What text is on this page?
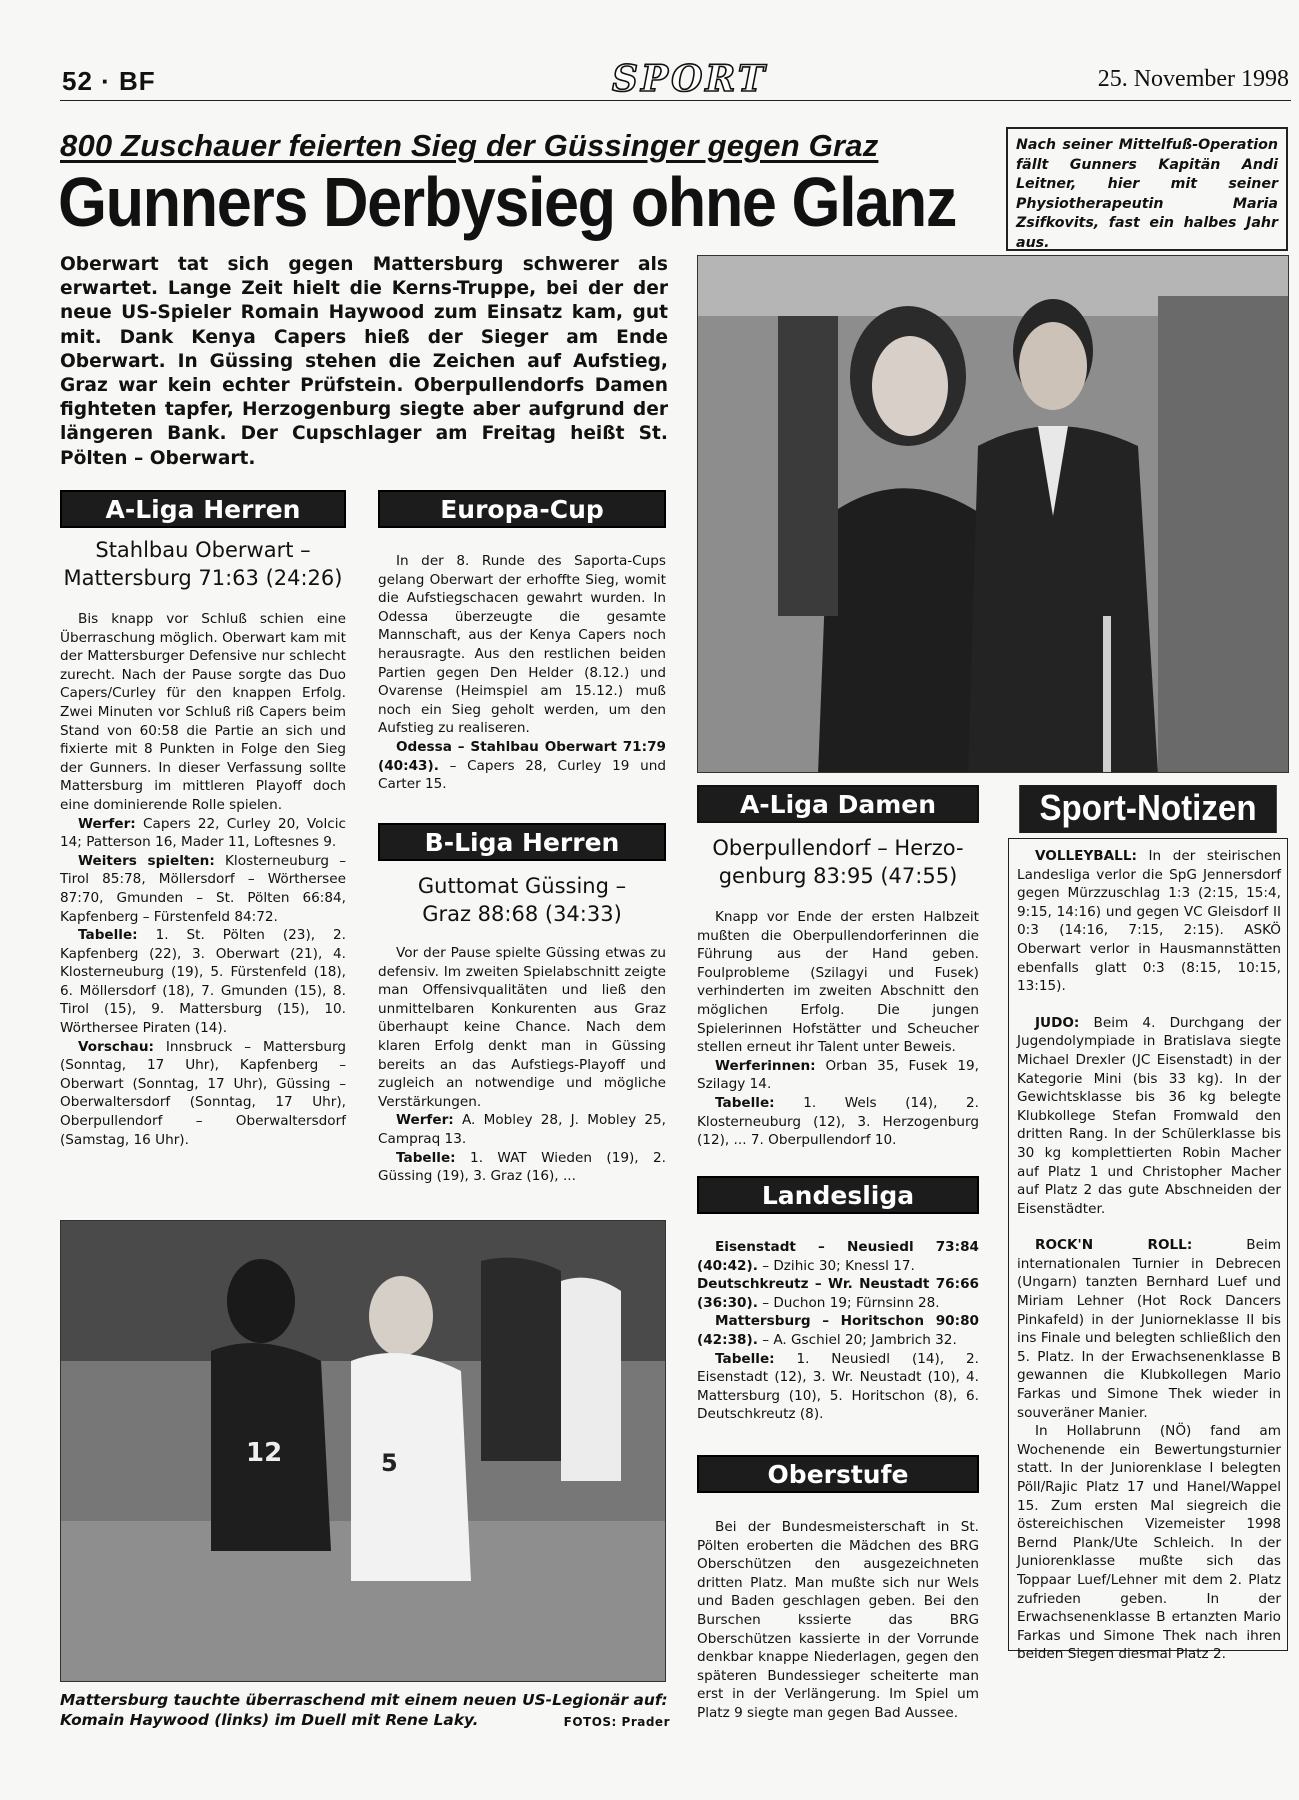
52 · BF	SPORT	25. November 1998
800 Zuschauer feierten Sieg der Güssinger gegen Graz
Gunners Derbysieg ohne Glanz
Oberwart tat sich gegen Mattersburg schwerer als erwartet. Lange Zeit hielt die Kerns-Truppe, bei der der neue US-Spieler Romain Haywood zum Einsatz kam, gut mit. Dank Kenya Capers hieß der Sieger am Ende Oberwart. In Güssing stehen die Zeichen auf Aufstieg, Graz war kein echter Prüfstein. Oberpullendorfs Damen fighteten tapfer, Herzogenburg siegte aber aufgrund der längeren Bank. Der Cupschlager am Freitag heißt St. Pölten – Oberwart.
Nach seiner Mittelfuß-Operation fällt Gunners Kapitän Andi Leitner, hier mit seiner Physiotherapeutin Maria Zsifkovits, fast ein halbes Jahr aus.
A-Liga Herren
Stahlbau Oberwart –
Mattersburg 71:63 (24:26)

Bis knapp vor Schluß schien eine Überraschung möglich. Oberwart kam mit der Mattersburger Defensive nur schlecht zurecht. Nach der Pause sorgte das Duo Capers/Curley für den knappen Erfolg. Zwei Minuten vor Schluß riß Capers beim Stand von 60:58 die Partie an sich und fixierte mit 8 Punkten in Folge den Sieg der Gunners. In dieser Verfassung sollte Mattersburg im mittleren Playoff doch eine dominierende Rolle spielen.

Werfer: Capers 22, Curley 20, Volcic 14; Patterson 16, Mader 11, Loftesnes 9.

Weiters spielten: Klosterneuburg – Tirol 85:78, Möllersdorf – Wörthersee 87:70, Gmunden – St. Pölten 66:84, Kapfenberg – Fürstenfeld 84:72.

Tabelle: 1. St. Pölten (23), 2. Kapfenberg (22), 3. Oberwart (21), 4. Klosterneuburg (19), 5. Fürstenfeld (18), 6. Möllersdorf (18), 7. Gmunden (15), 8. Tirol (15), 9. Mattersburg (15), 10. Wörthersee Piraten (14).

Vorschau: Innsbruck – Mattersburg (Sonntag, 17 Uhr), Kapfenberg – Oberwart (Sonntag, 17 Uhr), Güssing – Oberwaltersdorf (Sonntag, 17 Uhr), Oberpullendorf – Oberwaltersdorf (Samstag, 16 Uhr).

Europa-Cup

In der 8. Runde des Saporta-Cups gelang Oberwart der erhoffte Sieg, womit die Aufstiegschacen gewahrt wurden. In Odessa überzeugte die gesamte Mannschaft, aus der Kenya Capers noch herausragte. Aus den restlichen beiden Partien gegen Den Helder (8.12.) und Ovarense (Heimspiel am 15.12.) muß noch ein Sieg geholt werden, um den Aufstieg zu realiseren.

Odessa – Stahlbau Oberwart 71:79 (40:43). – Capers 28, Curley 19 und Carter 15.

B-Liga Herren
Guttomat Güssing –
Graz 88:68 (34:33)

Vor der Pause spielte Güssing etwas zu defensiv. Im zweiten Spielabschnitt zeigte man Offensivqualitäten und ließ den unmittelbaren Konkurenten aus Graz überhaupt keine Chance. Nach dem klaren Erfolg denkt man in Güssing bereits an das Aufstiegs-Playoff und zugleich an notwendige und mögliche Verstärkungen.

Werfer: A. Mobley 28, J. Mobley 25, Campraq 13.

Tabelle: 1. WAT Wieden (19), 2. Güssing (19), 3. Graz (16), ...

12	5
Mattersburg tauchte überraschend mit einem neuen US-Legionär auf: Komain Haywood (links) im Duell mit Rene Laky.	FOTOS: Prader
A-Liga Damen
Oberpullendorf – Herzo-
genburg 83:95 (47:55)

Knapp vor Ende der ersten Halbzeit mußten die Oberpullendorferinnen die Führung aus der Hand geben. Foulprobleme (Szilagyi und Fusek) verhinderten im zweiten Abschnitt den möglichen Erfolg. Die jungen Spielerinnen Hofstätter und Scheucher stellen erneut ihr Talent unter Beweis.

Werferinnen: Orban 35, Fusek 19, Szilagy 14.

Tabelle: 1. Wels (14), 2. Klosterneuburg (12), 3. Herzogenburg (12), ... 7. Oberpullendorf 10.

Landesliga

Eisenstadt – Neusiedl 73:84 (40:42). – Dzihic 30; Knessl 17.

Deutschkreutz – Wr. Neustadt 76:66 (36:30). – Duchon 19; Fürnsinn 28.

Mattersburg – Horitschon 90:80 (42:38). – A. Gschiel 20; Jambrich 32.

Tabelle: 1. Neusiedl (14), 2. Eisenstadt (12), 3. Wr. Neustadt (10), 4. Mattersburg (10), 5. Horitschon (8), 6. Deutschkreutz (8).

Oberstufe

Bei der Bundesmeisterschaft in St. Pölten eroberten die Mädchen des BRG Oberschützen den ausgezeichneten dritten Platz. Man mußte sich nur Wels und Baden geschlagen geben. Bei den Burschen kssierte das BRG Oberschützen kassierte in der Vorrunde denkbar knappe Niederlagen, gegen den späteren Bundessieger scheiterte man erst in der Verlängerung. Im Spiel um Platz 9 siegte man gegen Bad Aussee.

Sport-Notizen

VOLLEYBALL: In der steirischen Landesliga verlor die SpG Jennersdorf gegen Mürzzuschlag 1:3 (2:15, 15:4, 9:15, 14:16) und gegen VC Gleisdorf II 0:3 (14:16, 7:15, 2:15). ASKÖ Oberwart verlor in Hausmannstätten ebenfalls glatt 0:3 (8:15, 10:15, 13:15).

JUDO: Beim 4. Durchgang der Jugendolympiade in Bratislava siegte Michael Drexler (JC Eisenstadt) in der Kategorie Mini (bis 33 kg). In der Gewichtsklasse bis 36 kg belegte Klubkollege Stefan Fromwald den dritten Rang. In der Schülerklasse bis 30 kg komplettierten Robin Macher auf Platz 1 und Christopher Macher auf Platz 2 das gute Abschneiden der Eisenstädter.

ROCK'N ROLL: Beim internationalen Turnier in Debrecen (Ungarn) tanzten Bernhard Luef und Miriam Lehner (Hot Rock Dancers Pinkafeld) in der Juniorneklasse II bis ins Finale und belegten schließlich den 5. Platz. In der Erwachsenenklasse B gewannen die Klubkollegen Mario Farkas und Simone Thek wieder in souveräner Manier.

In Hollabrunn (NÖ) fand am Wochenende ein Bewertungsturnier statt. In der Juniorenklase I belegten Pöll/Rajic Platz 17 und Hanel/Wappel 15. Zum ersten Mal siegreich die östereichischen Vizemeister 1998 Bernd Plank/Ute Schleich. In der Juniorenklasse mußte sich das Toppaar Luef/Lehner mit dem 2. Platz zufrieden geben. In der Erwachsenenklasse B ertanzten Mario Farkas und Simone Thek nach ihren beiden Siegen diesmal Platz 2.
